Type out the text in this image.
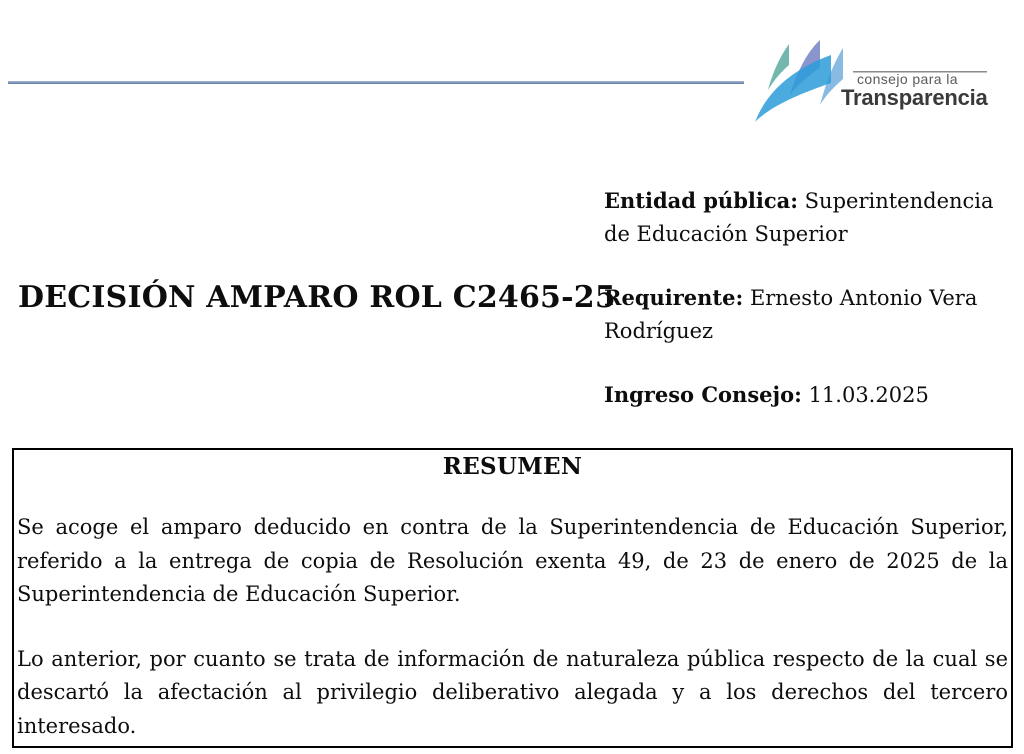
consejo para la
Transparencia
DECISIÓN AMPARO ROL C2465-25

Entidad pública: Superintendencia de Educación Superior

Requirente: Ernesto Antonio Vera Rodríguez

Ingreso Consejo: 11.03.2025

RESUMEN

Se acoge el amparo deducido en contra de la Superintendencia de Educación Superior, referido a la entrega de copia de Resolución exenta 49, de 23 de enero de 2025 de la Superintendencia de Educación Superior.

Lo anterior, por cuanto se trata de información de naturaleza pública respecto de la cual se descartó la afectación al privilegio deliberativo alegada y a los derechos del tercero interesado.
